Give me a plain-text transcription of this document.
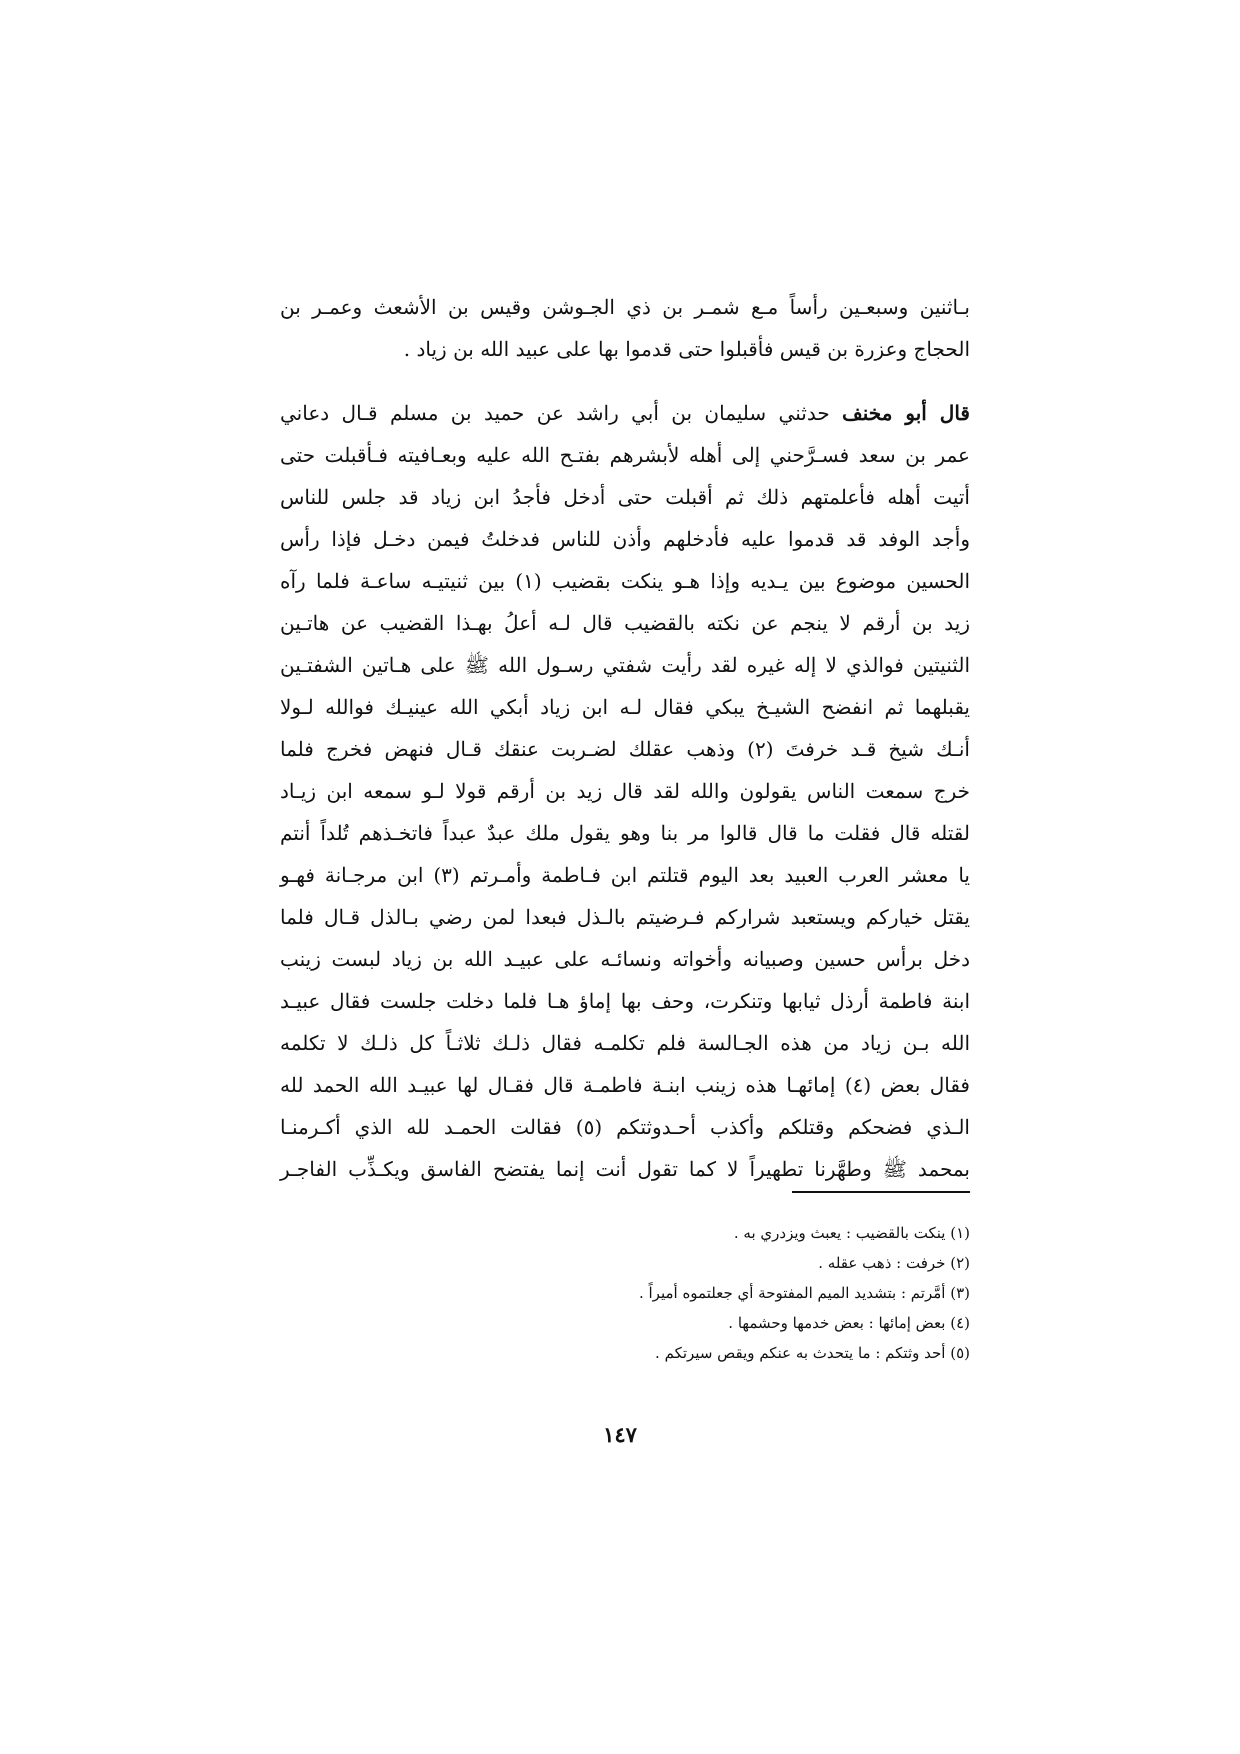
بـاثنين وسبعـين رأساً مـع شمـر بن ذي الجـوشن وقيس بن الأشعث وعمـر بن
الحجاج وعزرة بن قيس فأقبلوا حتى قدموا بها على عبيد الله بن زياد .
قال أبو مخنف حدثني سليمان بن أبي راشد عن حميد بن مسلم قـال دعاني
عمر بن سعد فسـرَّحني إلى أهله لأبشرهم بفتـح الله عليه وبعـافيته فـأقبلت حتى
أتيت أهله فأعلمتهم ذلك ثم أقبلت حتى أدخل فأجدُ ابن زياد قد جلس للناس
وأجد الوفد قد قدموا عليه فأدخلهم وأذن للناس فدخلتُ فيمن دخـل فإذا رأس
الحسين موضوع بين يـديه وإذا هـو ينكت بقضيب (١) بين ثنيتيـه ساعـة فلما رآه
زيد بن أرقم لا ينجم عن نكته بالقضيب قال لـه أعلُ بهـذا القضيب عن هاتـين
الثنيتين فوالذي لا إله غيره لقد رأيت شفتي رسـول الله ﷺ على هـاتين الشفتـين
يقبلهما ثم انفضح الشيـخ يبكي فقال لـه ابن زياد أبكي الله عينيـك فوالله لـولا
أنـك شيخ قـد خرفتَ (٢) وذهب عقلك لضـربت عنقك قـال فنهض فخرج فلما
خرج سمعت الناس يقولون والله لقد قال زيد بن أرقم قولا لـو سمعه ابن زيـاد
لقتله قال فقلت ما قال قالوا مر بنا وهو يقول ملك عبدٌ عبداً فاتخـذهم تُلداً أنتم
يا معشر العرب العبيد بعد اليوم قتلتم ابن فـاطمة وأمـرتم (٣) ابن مرجـانة فهـو
يقتل خياركم ويستعبد شراركم فـرضيتم بالـذل فبعدا لمن رضي بـالذل قـال فلما
دخل برأس حسين وصبيانه وأخواته ونسائـه على عبيـد الله بن زياد لبست زينب
ابنة فاطمة أرذل ثيابها وتنكرت، وحف بها إماؤ هـا فلما دخلت جلست فقال عبيـد
الله بـن زياد من هذه الجـالسة فلم تكلمـه فقال ذلـك ثلاثـاً كل ذلـك لا تكلمه
فقال بعض (٤) إمائهـا هذه زينب ابنـة فاطمـة قال فقـال لها عبيـد الله الحمد لله
الـذي فضحكم وقتلكم وأكذب أحـدوثتكم (٥) فقالت الحمـد لله الذي أكـرمنـا
بمحمد ﷺ وطهَّرنا تطهيراً لا كما تقول أنت إنما يفتضح الفاسق ويكـذِّب الفاجـر
(١) ينكت بالقضيب : يعبث ويزدري به .
(٢) خرفت : ذهب عقله .
(٣) أمَّرتم : بتشديد الميم المفتوحة أي جعلتموه أميراً .
(٤) بعض إمائها : بعض خدمها وحشمها .
(٥) أحد وثتكم : ما يتحدث به عنكم ويقص سيرتكم .
١٤٧
